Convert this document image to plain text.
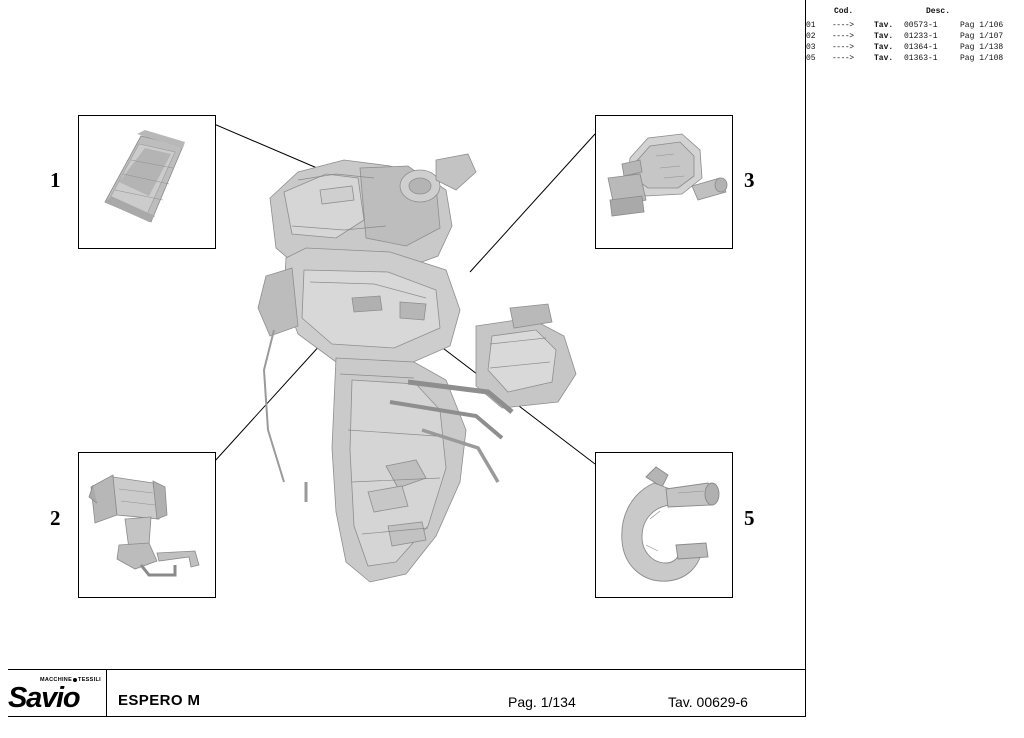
Cod.	Desc.
01	---->	Tav.	00573-1	Pag 1/106
02	---->	Tav.	01233-1	Pag 1/107
03	---->	Tav.	01364-1	Pag 1/138
05	---->	Tav.	01363-1	Pag 1/108
1
2
3
5
MACCHINE TESSILI
Savio	ESPERO M	Pag. 1/134	Tav. 00629-6
